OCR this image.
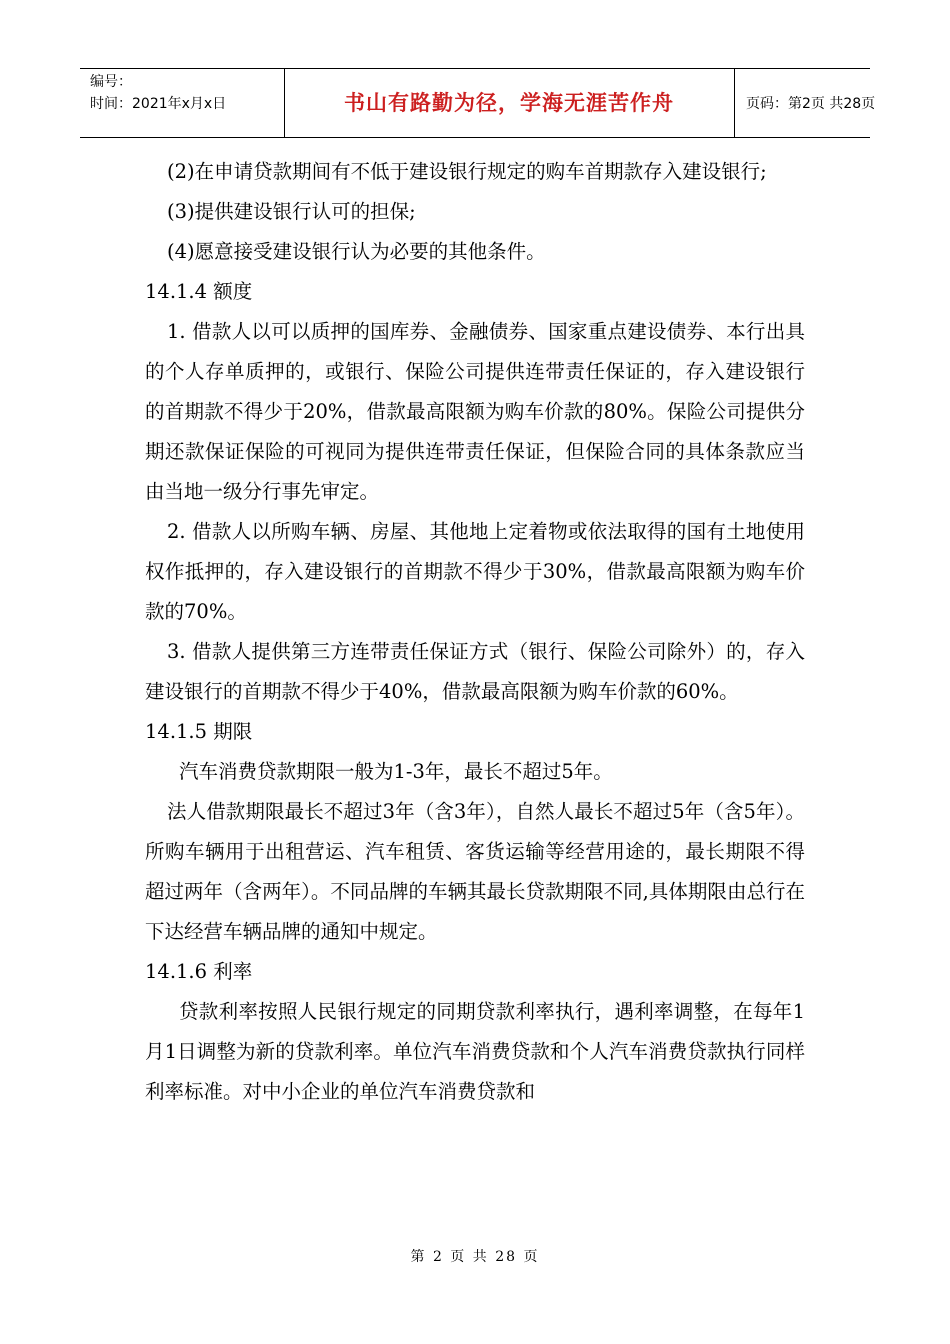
编号：
时间：2021年x月x日	书山有路勤为径，学海无涯苦作舟	页码：第2页 共28页

(2)在申请贷款期间有不低于建设银行规定的购车首期款存入建设银行;

(3)提供建设银行认可的担保;

(4)愿意接受建设银行认为必要的其他条件。

14.1.4 额度

1. 借款人以可以质押的国库券、金融债券、国家重点建设债券、本行出具的个人存单质押的，或银行、保险公司提供连带责任保证的，存入建设银行的首期款不得少于20%，借款最高限额为购车价款的80%。保险公司提供分期还款保证保险的可视同为提供连带责任保证，但保险合同的具体条款应当由当地一级分行事先审定。

2. 借款人以所购车辆、房屋、其他地上定着物或依法取得的国有土地使用权作抵押的，存入建设银行的首期款不得少于30%，借款最高限额为购车价款的70%。

3. 借款人提供第三方连带责任保证方式（银行、保险公司除外）的，存入建设银行的首期款不得少于40%，借款最高限额为购车价款的60%。

14.1.5 期限

汽车消费贷款期限一般为1-3年，最长不超过5年。

法人借款期限最长不超过3年（含3年），自然人最长不超过5年（含5年）。所购车辆用于出租营运、汽车租赁、客货运输等经营用途的，最长期限不得超过两年（含两年）。不同品牌的车辆其最长贷款期限不同,具体期限由总行在下达经营车辆品牌的通知中规定。

14.1.6 利率

贷款利率按照人民银行规定的同期贷款利率执行，遇利率调整，在每年1月1日调整为新的贷款利率。单位汽车消费贷款和个人汽车消费贷款执行同样利率标准。对中小企业的单位汽车消费贷款和

第 2 页 共 28 页
